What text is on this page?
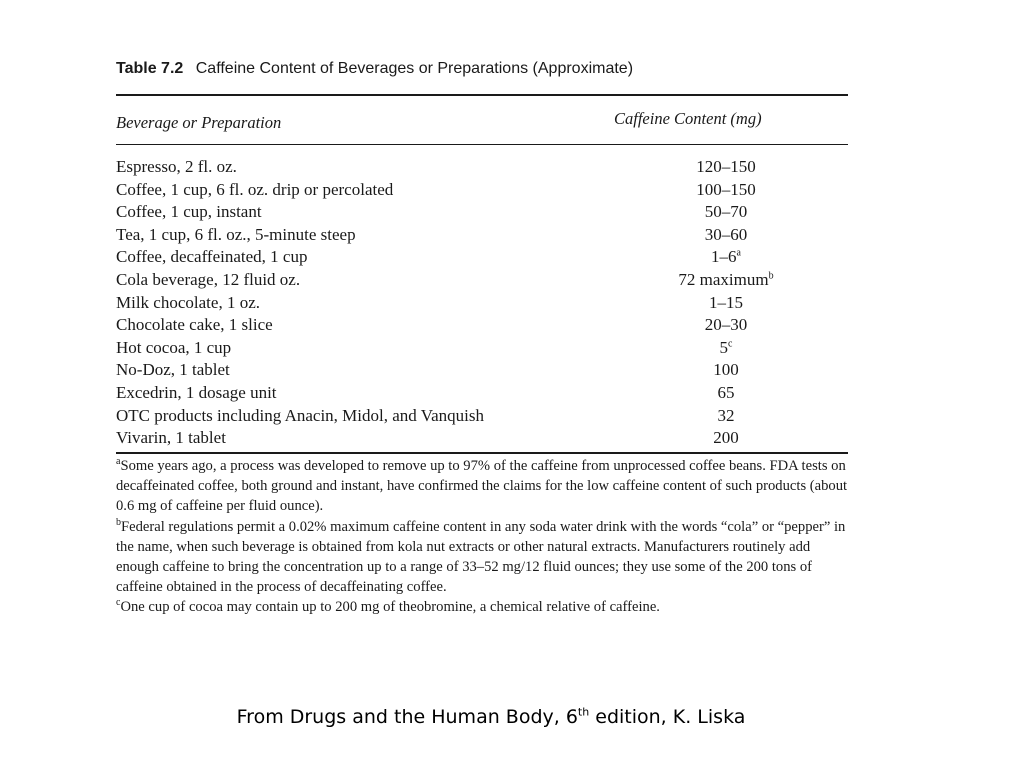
Table 7.2 Caffeine Content of Beverages or Preparations (Approximate)
Beverage or Preparation	Caffeine Content (mg)
Espresso, 2 fl. oz.	120–150
Coffee, 1 cup, 6 fl. oz. drip or percolated	100–150
Coffee, 1 cup, instant	50–70
Tea, 1 cup, 6 fl. oz., 5-minute steep	30–60
Coffee, decaffeinated, 1 cup	1–6$^a$
Cola beverage, 12 fluid oz.	72 maximum$^b$
Milk chocolate, 1 oz.	1–15
Chocolate cake, 1 slice	20–30
Hot cocoa, 1 cup	5$^c$
No-Doz, 1 tablet	100
Excedrin, 1 dosage unit	65
OTC products including Anacin, Midol, and Vanquish	32
Vivarin, 1 tablet	200

$^a$Some years ago, a process was developed to remove up to 97% of the caffeine from unprocessed coffee beans. FDA tests on decaffeinated coffee, both ground and instant, have confirmed the claims for the low caffeine content of such products (about 0.6 mg of caffeine per fluid ounce).

$^b$Federal regulations permit a 0.02% maximum caffeine content in any soda water drink with the words “cola” or “pepper” in the name, when such beverage is obtained from kola nut extracts or other natural extracts. Manufacturers routinely add enough caffeine to bring the concentration up to a range of 33–52 mg/12 fluid ounces; they use some of the 200 tons of caffeine obtained in the process of decaffeinating coffee.

$^c$One cup of cocoa may contain up to 200 mg of theobromine, a chemical relative of caffeine.

From Drugs and the Human Body, 6th edition, K. Liska
